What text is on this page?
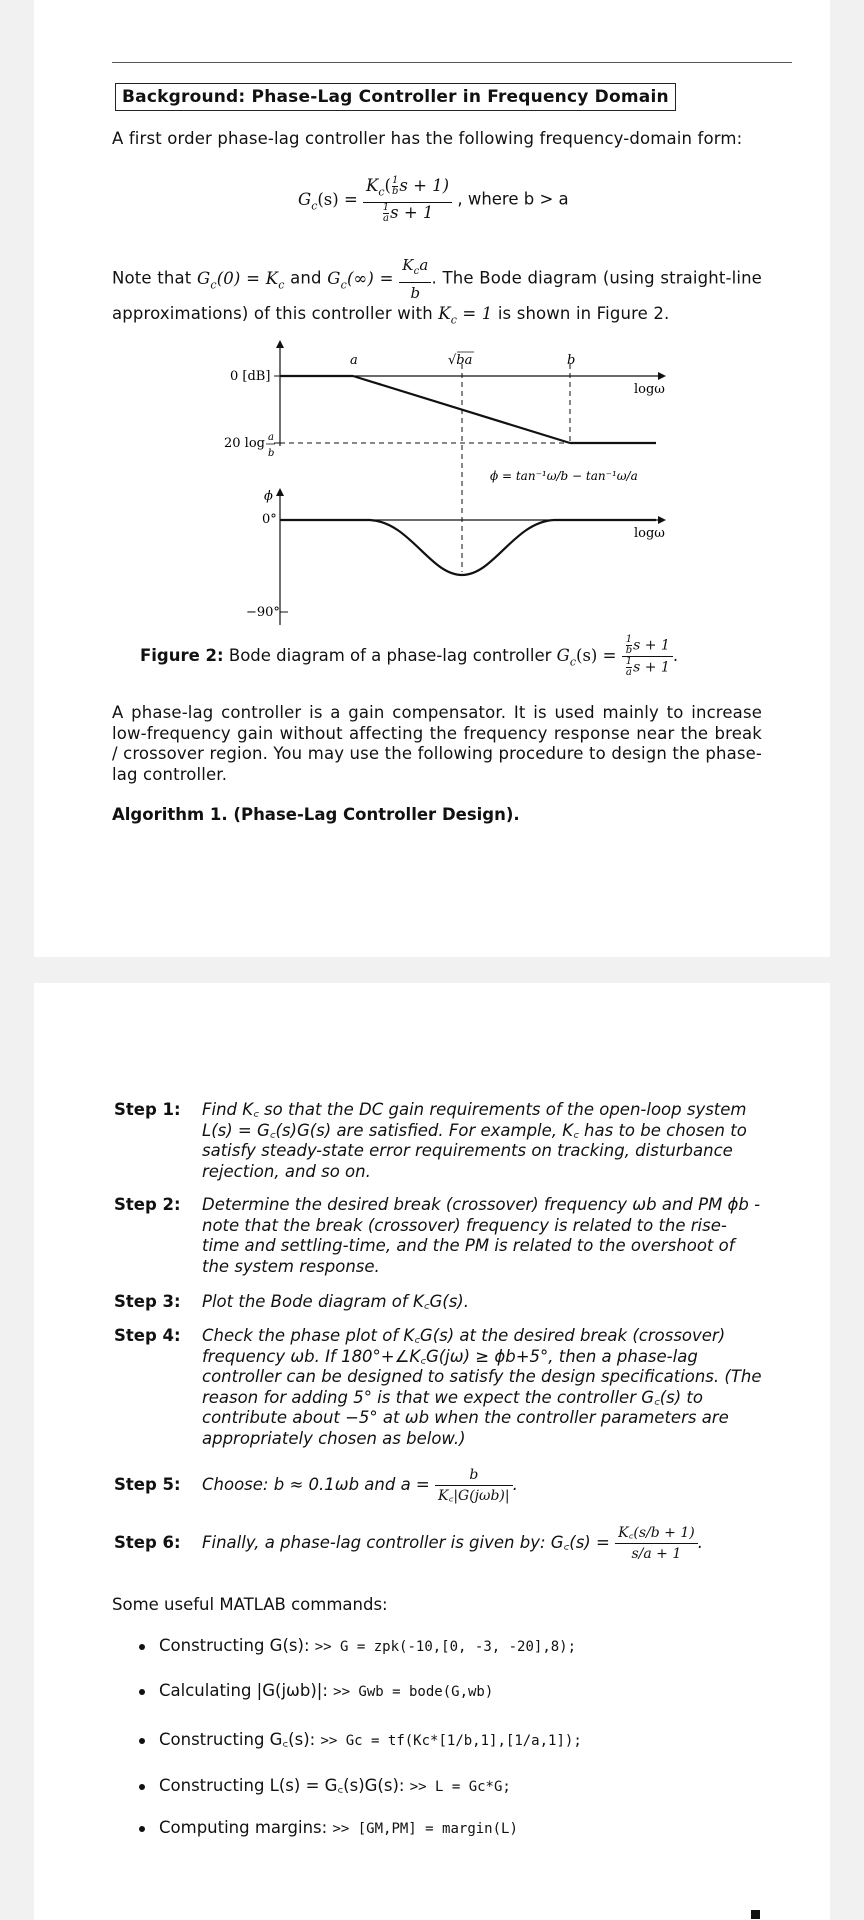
Background: Phase-Lag Controller in Frequency Domain
A first order phase-lag controller has the following frequency-domain form:
$G_c(s) = \frac{K_c( \frac{1}{b} s + 1)}{\frac{1}{a} s + 1}$ , where b > a
Note that $G_c(0) = K_c$ and $G_c(\infty) = \frac{K_ca}{b}$ . The Bode diagram (using straight-line approximations) of this controller with $K_c = 1$ is shown in Figure 2.
a	√ba	b
0 [dB]
logω
20 log a
b
ϕ = tan⁻¹ω/b − tan⁻¹ω/a
ϕ
0°
logω
−90°
Figure 2: Bode diagram of a phase-lag controller $G_c(s) = \frac{\frac{1}{b} s + 1}{\frac{1}{a} s + 1}$ .
A phase-lag controller is a gain compensator. It is used mainly to increase low-frequency gain without affecting the frequency response near the break / crossover region. You may use the following procedure to design the phase-lag controller.
Algorithm 1. (Phase-Lag Controller Design).
Step 1: Find K꜀ so that the DC gain requirements of the open-loop system L(s) = G꜀(s)G(s) are satisfied. For example, K꜀ has to be chosen to satisfy steady-state error requirements on tracking, disturbance rejection, and so on.
Step 2: Determine the desired break (crossover) frequency ωb and PM ϕb - note that the break (crossover) frequency is related to the rise-time and settling-time, and the PM is related to the overshoot of the system response.
Step 3: Plot the Bode diagram of K꜀G(s).
Step 4: Check the phase plot of K꜀G(s) at the desired break (crossover) frequency ωb. If 180°+∠K꜀G(jω) ≥ ϕb+5°, then a phase-lag controller can be designed to satisfy the design specifications. (The reason for adding 5° is that we expect the controller G꜀(s) to contribute about −5° at ωb when the controller parameters are appropriately chosen as below.)
Step 5: Choose: b ≈ 0.1ωb and $a = \frac{b}{\text{K꜀|G(jωb)|}}$ .
Step 6: Finally, a phase-lag controller is given by: G꜀(s) = $\frac{K꜀(s/b + 1)}{s/a + 1}$ .
Some useful MATLAB commands:
Constructing G(s): >> G = zpk(-10,[0, -3, -20],8);
Calculating |G(jωb)|: >> Gwb = bode(G,wb)
Constructing G꜀(s): >> Gc = tf(Kc*[1/b,1],[1/a,1]);
Constructing L(s) = G꜀(s)G(s): >> L = Gc*G;
Computing margins: >> [GM,PM] = margin(L)
